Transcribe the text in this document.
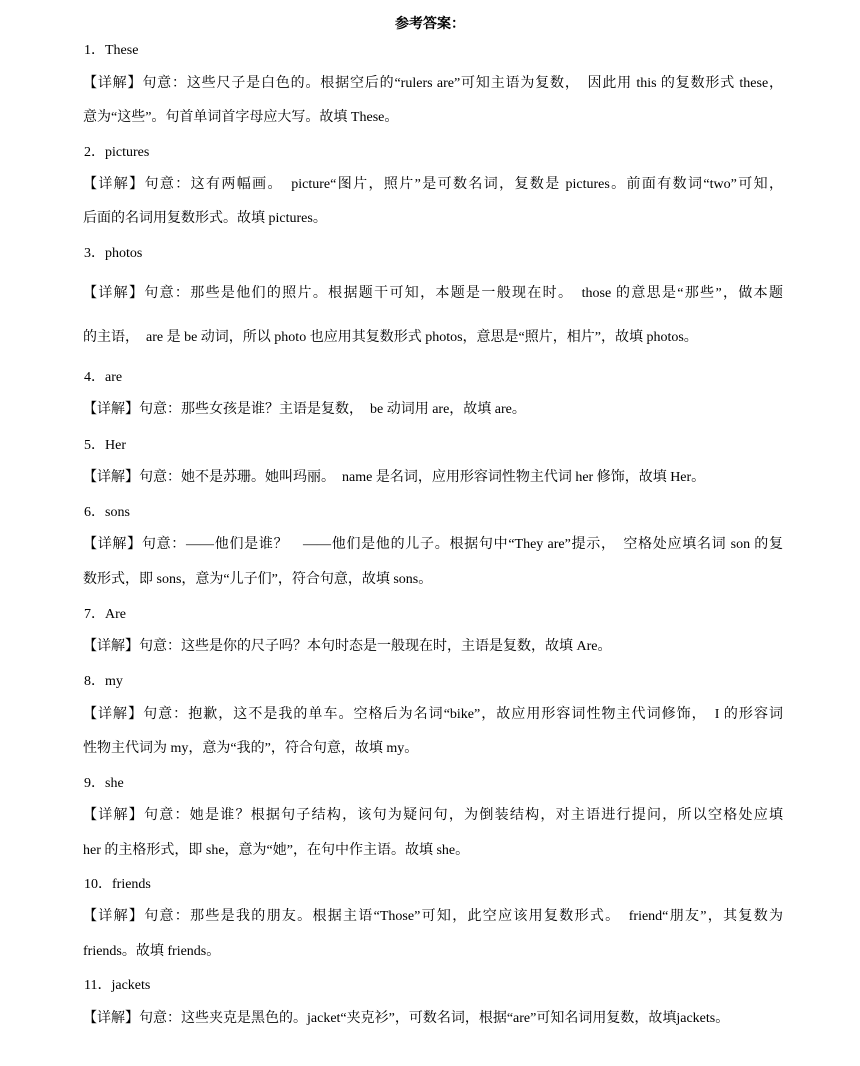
参考答案：

1．These

【详解】句意：这些尺子是白色的。根据空后的“rulers are”可知主语为复数，　因此用 this 的复数形式 these，

意为“这些”。句首单词首字母应大写。故填 These。

2．pictures

【详解】句意：这有两幅画。　picture“图片，照片”是可数名词，复数是 pictures。前面有数词“two”可知，

后面的名词用复数形式。故填 pictures。

3．photos

【详解】句意：那些是他们的照片。根据题干可知，本题是一般现在时。　those 的意思是“那些”，做本题

的主语，　are 是 be 动词，所以 photo 也应用其复数形式 photos，意思是“照片，相片”，故填 photos。

4．are

【详解】句意：那些女孩是谁？主语是复数，　be 动词用 are，故填 are。

5．Her

【详解】句意：她不是苏珊。她叫玛丽。　name 是名词，应用形容词性物主代词 her 修饰，故填 Her。

6．sons

【详解】句意：——他们是谁？　——他们是他的儿子。根据句中“They are”提示，　空格处应填名词 son 的复

数形式，即 sons，意为“儿子们”，符合句意，故填 sons。

7．Are

【详解】句意：这些是你的尺子吗？本句时态是一般现在时，主语是复数，故填 Are。

8．my

【详解】句意：抱歉，这不是我的单车。空格后为名词“bike”，故应用形容词性物主代词修饰，　I 的形容词

性物主代词为 my，意为“我的”，符合句意，故填 my。

9．she

【详解】句意：她是谁？根据句子结构，该句为疑问句，为倒装结构，对主语进行提问，所以空格处应填

her 的主格形式，即 she，意为“她”，在句中作主语。故填 she。

10．friends

【详解】句意：那些是我的朋友。根据主语“Those”可知，此空应该用复数形式。　friend“朋友”，其复数为

friends。故填 friends。

11．jackets

【详解】句意：这些夹克是黑色的。jacket“夹克衫”，可数名词，根据“are”可知名词用复数，故填jackets。
